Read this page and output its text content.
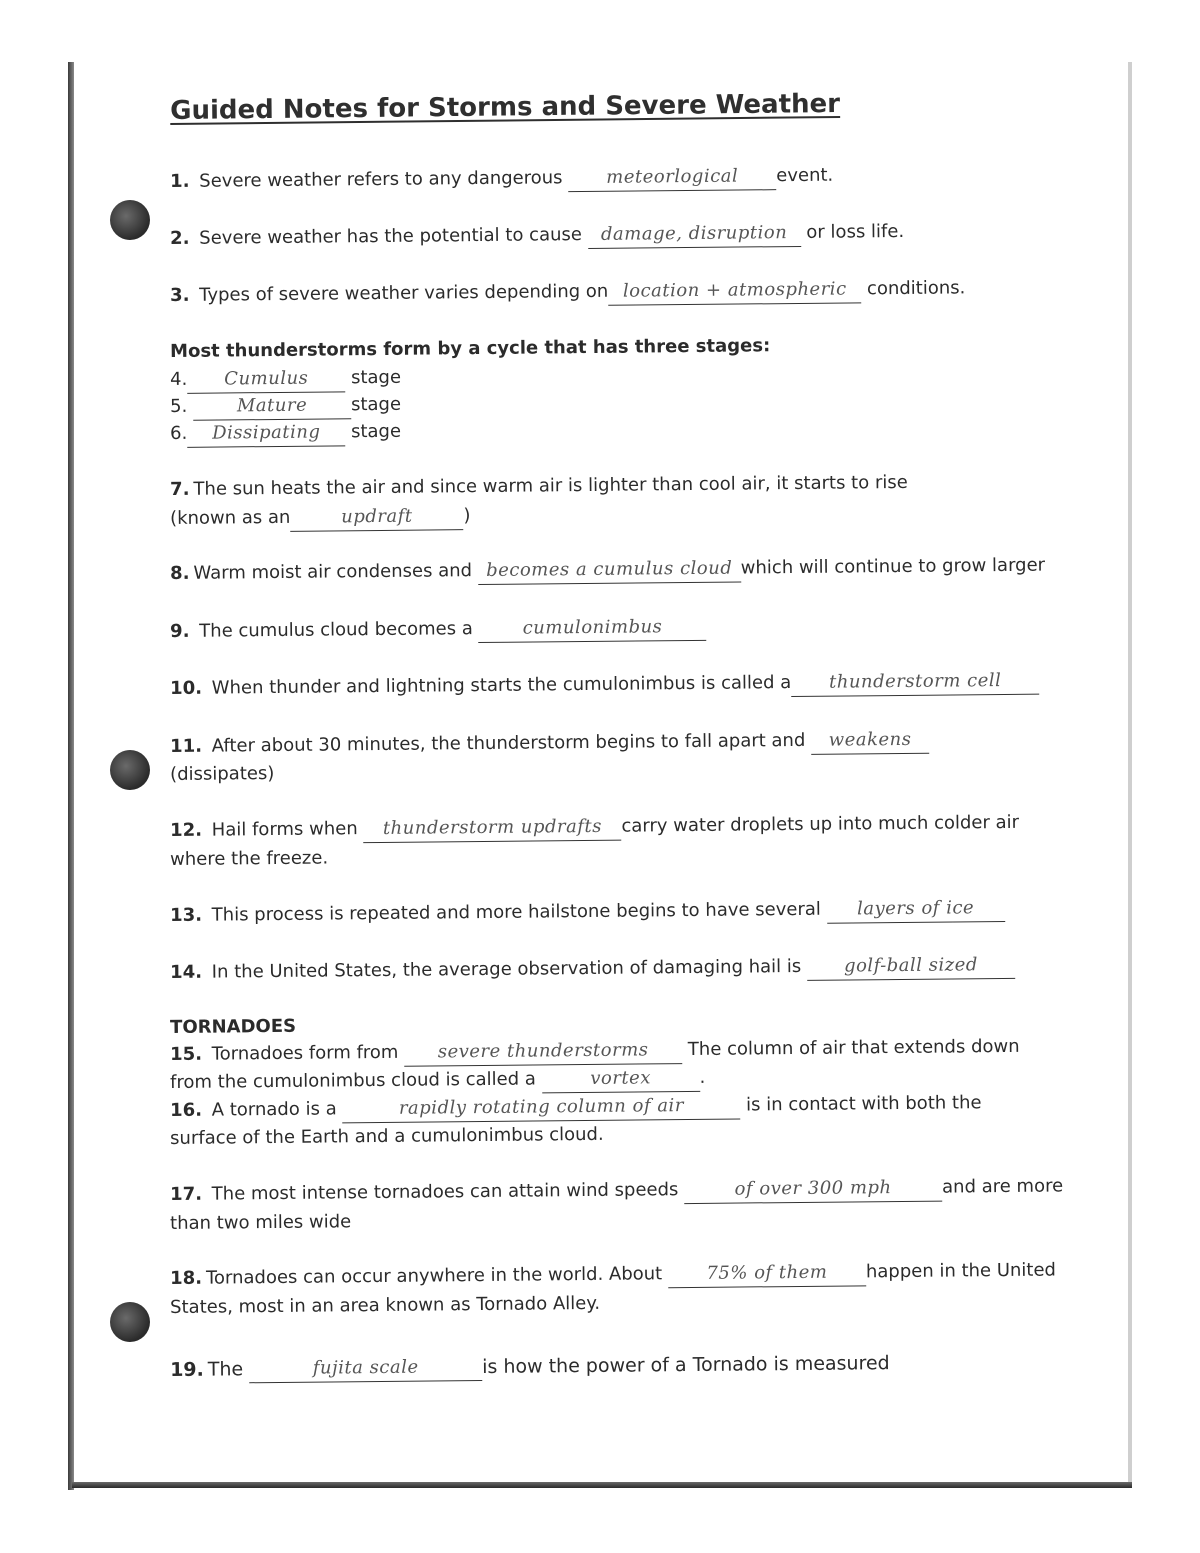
Guided Notes for Storms and Severe Weather
1. Severe weather refers to any dangerous meteorlogical event.
2. Severe weather has the potential to cause damage, disruption or loss life.
3. Types of severe weather varies depending on location + atmospheric conditions.
Most thunderstorms form by a cycle that has three stages:
4. Cumulus stage
5.	Mature stage
6. Dissipating stage
7. The sun heats the air and since warm air is lighter than cool air, it starts to rise
(known as an	updraft	)
8. Warm moist air condenses and becomes a cumulus cloud which will continue to grow larger
9. The cumulus cloud becomes a	cumulonimbus
10. When thunder and lightning starts the cumulonimbus is called a thunderstorm cell
11. After about 30 minutes, the thunderstorm begins to fall apart and weakens
(dissipates)
12. Hail forms when thunderstorm updrafts carry water droplets up into much colder air
where the freeze.
13. This process is repeated and more hailstone begins to have several layers of ice
14. In the United States, the average observation of damaging hail is golf-ball sized
TORNADOES
15. Tornadoes form from severe thunderstorms The column of air that extends down
from the cumulonimbus cloud is called a	vortex	.
16. A tornado is a	rapidly rotating column of air	is in contact with both the
surface of the Earth and a cumulonimbus cloud.
17. The most intense tornadoes can attain wind speeds	of over 300 mph	and are more
than two miles wide
18. Tornadoes can occur anywhere in the world. About 75% of them happen in the United
States, most in an area known as Tornado Alley.
19. The	fujita scale	is how the power of a Tornado is measured
